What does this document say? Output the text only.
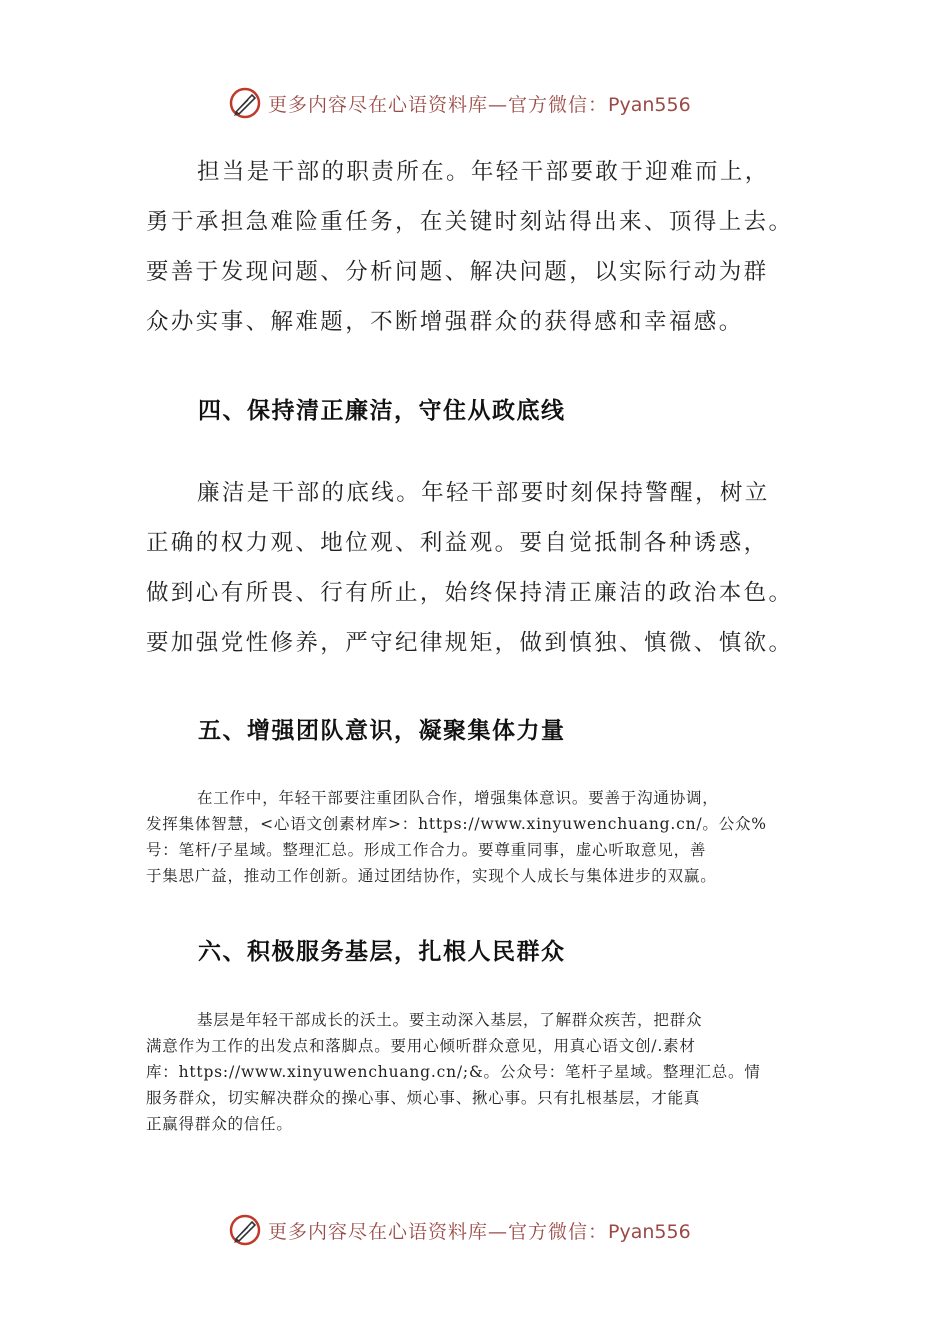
更多内容尽在心语资料库—官方微信：Pyan556

担当是干部的职责所在。年轻干部要敢于迎难而上，
勇于承担急难险重任务，在关键时刻站得出来、顶得上去。
要善于发现问题、分析问题、解决问题，以实际行动为群
众办实事、解难题，不断增强群众的获得感和幸福感。

四、保持清正廉洁，守住从政底线

廉洁是干部的底线。年轻干部要时刻保持警醒，树立
正确的权力观、地位观、利益观。要自觉抵制各种诱惑，
做到心有所畏、行有所止，始终保持清正廉洁的政治本色。
要加强党性修养，严守纪律规矩，做到慎独、慎微、慎欲。

五、增强团队意识，凝聚集体力量

在工作中，年轻干部要注重团队合作，增强集体意识。要善于沟通协调，
发挥集体智慧，<心语文创素材库>：https://www.xinyuwenchuang.cn/。公众%
号：笔杆/子星域。整理汇总。形成工作合力。要尊重同事，虚心听取意见，善
于集思广益，推动工作创新。通过团结协作，实现个人成长与集体进步的双赢。

六、积极服务基层，扎根人民群众

基层是年轻干部成长的沃土。要主动深入基层，了解群众疾苦，把群众
满意作为工作的出发点和落脚点。要用心倾听群众意见，用真心语文创/.素材
库：https://www.xinyuwenchuang.cn/;&。公众号：笔杆子星域。整理汇总。情
服务群众，切实解决群众的操心事、烦心事、揪心事。只有扎根基层，才能真
正赢得群众的信任。

更多内容尽在心语资料库—官方微信：Pyan556
